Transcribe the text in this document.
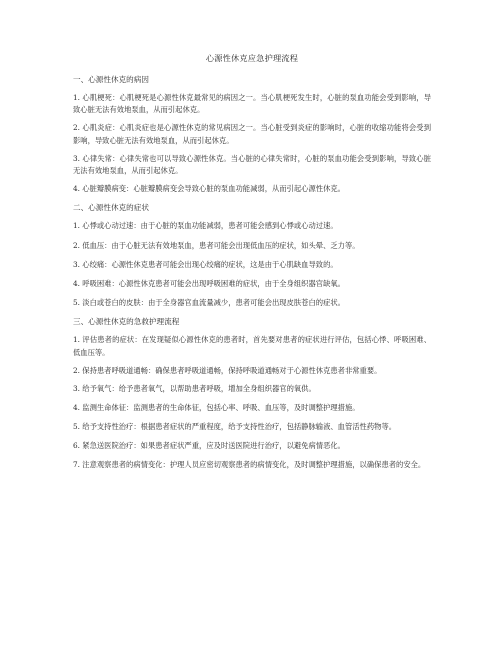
心源性休克应急护理流程
一、心源性休克的病因

1. 心肌梗死：心肌梗死是心源性休克最常见的病因之一。当心肌梗死发生时，心脏的泵血功能会受到影响，导致心脏无法有效地泵血，从而引起休克。

2. 心肌炎症：心肌炎症也是心源性休克的常见病因之一。当心脏受到炎症的影响时，心脏的收缩功能将会受到影响，导致心脏无法有效地泵血，从而引起休克。

3. 心律失常：心律失常也可以导致心源性休克。当心脏的心律失常时，心脏的泵血功能会受到影响，导致心脏无法有效地泵血，从而引起休克。

4. 心脏瓣膜病变：心脏瓣膜病变会导致心脏的泵血功能减弱，从而引起心源性休克。

二、心源性休克的症状

1. 心悸或心动过速：由于心脏的泵血功能减弱，患者可能会感到心悸或心动过速。

2. 低血压：由于心脏无法有效地泵血，患者可能会出现低血压的症状，如头晕、乏力等。

3. 心绞痛：心源性休克患者可能会出现心绞痛的症状，这是由于心肌缺血导致的。

4. 呼吸困难：心源性休克患者可能会出现呼吸困难的症状，由于全身组织器官缺氧。

5. 淡白或苍白的皮肤：由于全身器官血流量减少，患者可能会出现皮肤苍白的症状。

三、心源性休克的急救护理流程

1. 评估患者的症状：在发现疑似心源性休克的患者时，首先要对患者的症状进行评估，包括心悸、呼吸困难、低血压等。

2. 保持患者呼吸道通畅：确保患者呼吸道通畅，保持呼吸道通畅对于心源性休克患者非常重要。

3. 给予氧气：给予患者氧气，以帮助患者呼吸，增加全身组织器官的氧供。

4. 监测生命体征：监测患者的生命体征，包括心率、呼吸、血压等，及时调整护理措施。

5. 给予支持性治疗：根据患者症状的严重程度，给予支持性治疗，包括静脉输液、血管活性药物等。

6. 紧急送医院治疗：如果患者症状严重，应及时送医院进行治疗，以避免病情恶化。

7. 注意观察患者的病情变化：护理人员应密切观察患者的病情变化，及时调整护理措施，以确保患者的安全。
